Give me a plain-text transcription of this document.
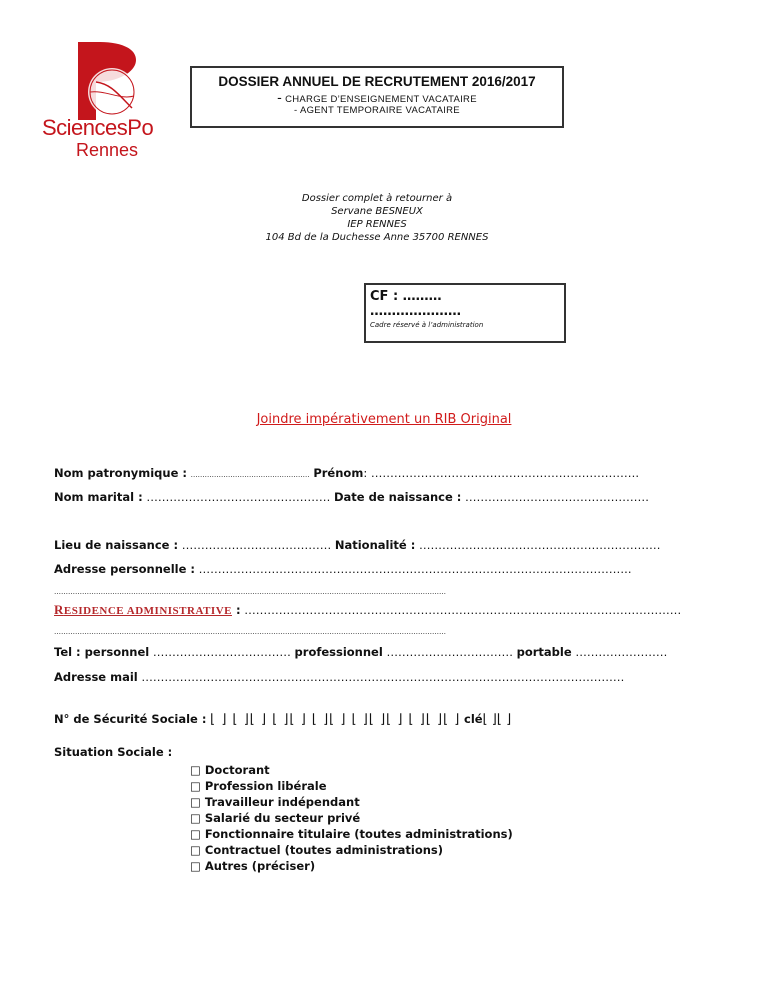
SciencesPo
Rennes
DOSSIER ANNUEL DE RECRUTEMENT 2016/2017
- CHARGE D’ENSEIGNEMENT VACATAIRE
- AGENT TEMPORAIRE VACATAIRE
Dossier complet à retourner à
Servane BESNEUX
IEP RENNES
104 Bd de la Duchesse Anne 35700 RENNES
CF : ………
…………………
Cadre réservé à l’administration
Joindre impérativement un RIB Original
Nom patronymique : …………………………………………… Prénom: …………………………………………………………….
Nom marital : ………………………………………… Date de naissance : …………………………………………
Lieu de naissance : ………………………………… Nationalité : ………………………………………………………
Adresse personnelle : …………………………………………………………………………………………………..
……………………………………………………………………………………………………………………………………………………
RESIDENCE ADMINISTRATIVE : ……………………………………………………………………………………………………
……………………………………………………………………………………………………………………………………………………
Tel : personnel ……………………………… professionnel …………………………… portable ……………………
Adresse mail ………………………………………………………………………………………………………………
N° de Sécurité Sociale : ⌊ ⌋ ⌊ ⌋⌊ ⌋ ⌊ ⌋⌊ ⌋ ⌊ ⌋⌊ ⌋ ⌊ ⌋⌊ ⌋⌊ ⌋ ⌊ ⌋⌊ ⌋⌊ ⌋ clé⌊ ⌋⌊ ⌋
Situation Sociale :
□ Doctorant
□ Profession libérale
□ Travailleur indépendant
□ Salarié du secteur privé
□ Fonctionnaire titulaire (toutes administrations)
□ Contractuel (toutes administrations)
□ Autres (préciser)
